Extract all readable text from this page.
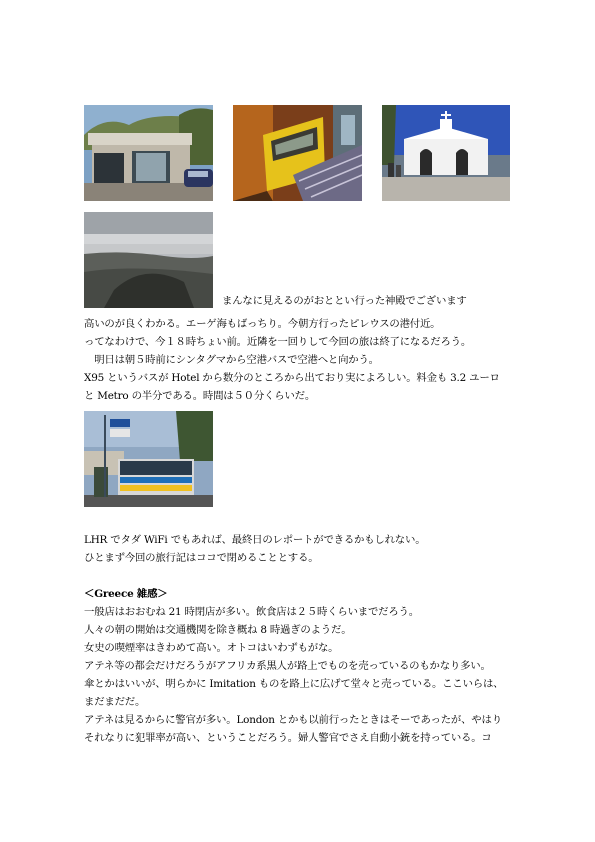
まんなに見えるのがおととい行った神殿でございます
高いのが良くわかる。エーゲ海もばっちり。今朝方行ったピレウスの港付近。
ってなわけで、今１８時ちょい前。近隣を一回りして今回の旅は終了になるだろう。
　明日は朝５時前にシンタグマから空港バスで空港へと向かう。
X95 というバスが Hotel から数分のところから出ており実によろしい。料金も 3.2 ユーロ
と Metro の半分である。時間は５０分くらいだ。
LHR でタダ WiFi でもあれば、最終日のレポートができるかもしれない。
ひとまず今回の旅行記はココで閉めることとする。
＜Greece 雑感＞
一般店はおおむね 21 時閉店が多い。飲食店は２５時くらいまでだろう。
人々の朝の開始は交通機関を除き概ね 8 時過ぎのようだ。
女史の喫煙率はきわめて高い。オトコはいわずもがな。
アテネ等の都会だけだろうがアフリカ系黒人が路上でものを売っているのもかなり多い。
傘とかはいいが、明らかに Imitation ものを路上に広げて堂々と売っている。ここいらは、
まだまだだ。
アテネは見るからに警官が多い。London とかも以前行ったときはそーであったが、やはり
それなりに犯罪率が高い、ということだろう。婦人警官でさえ自動小銃を持っている。コ
